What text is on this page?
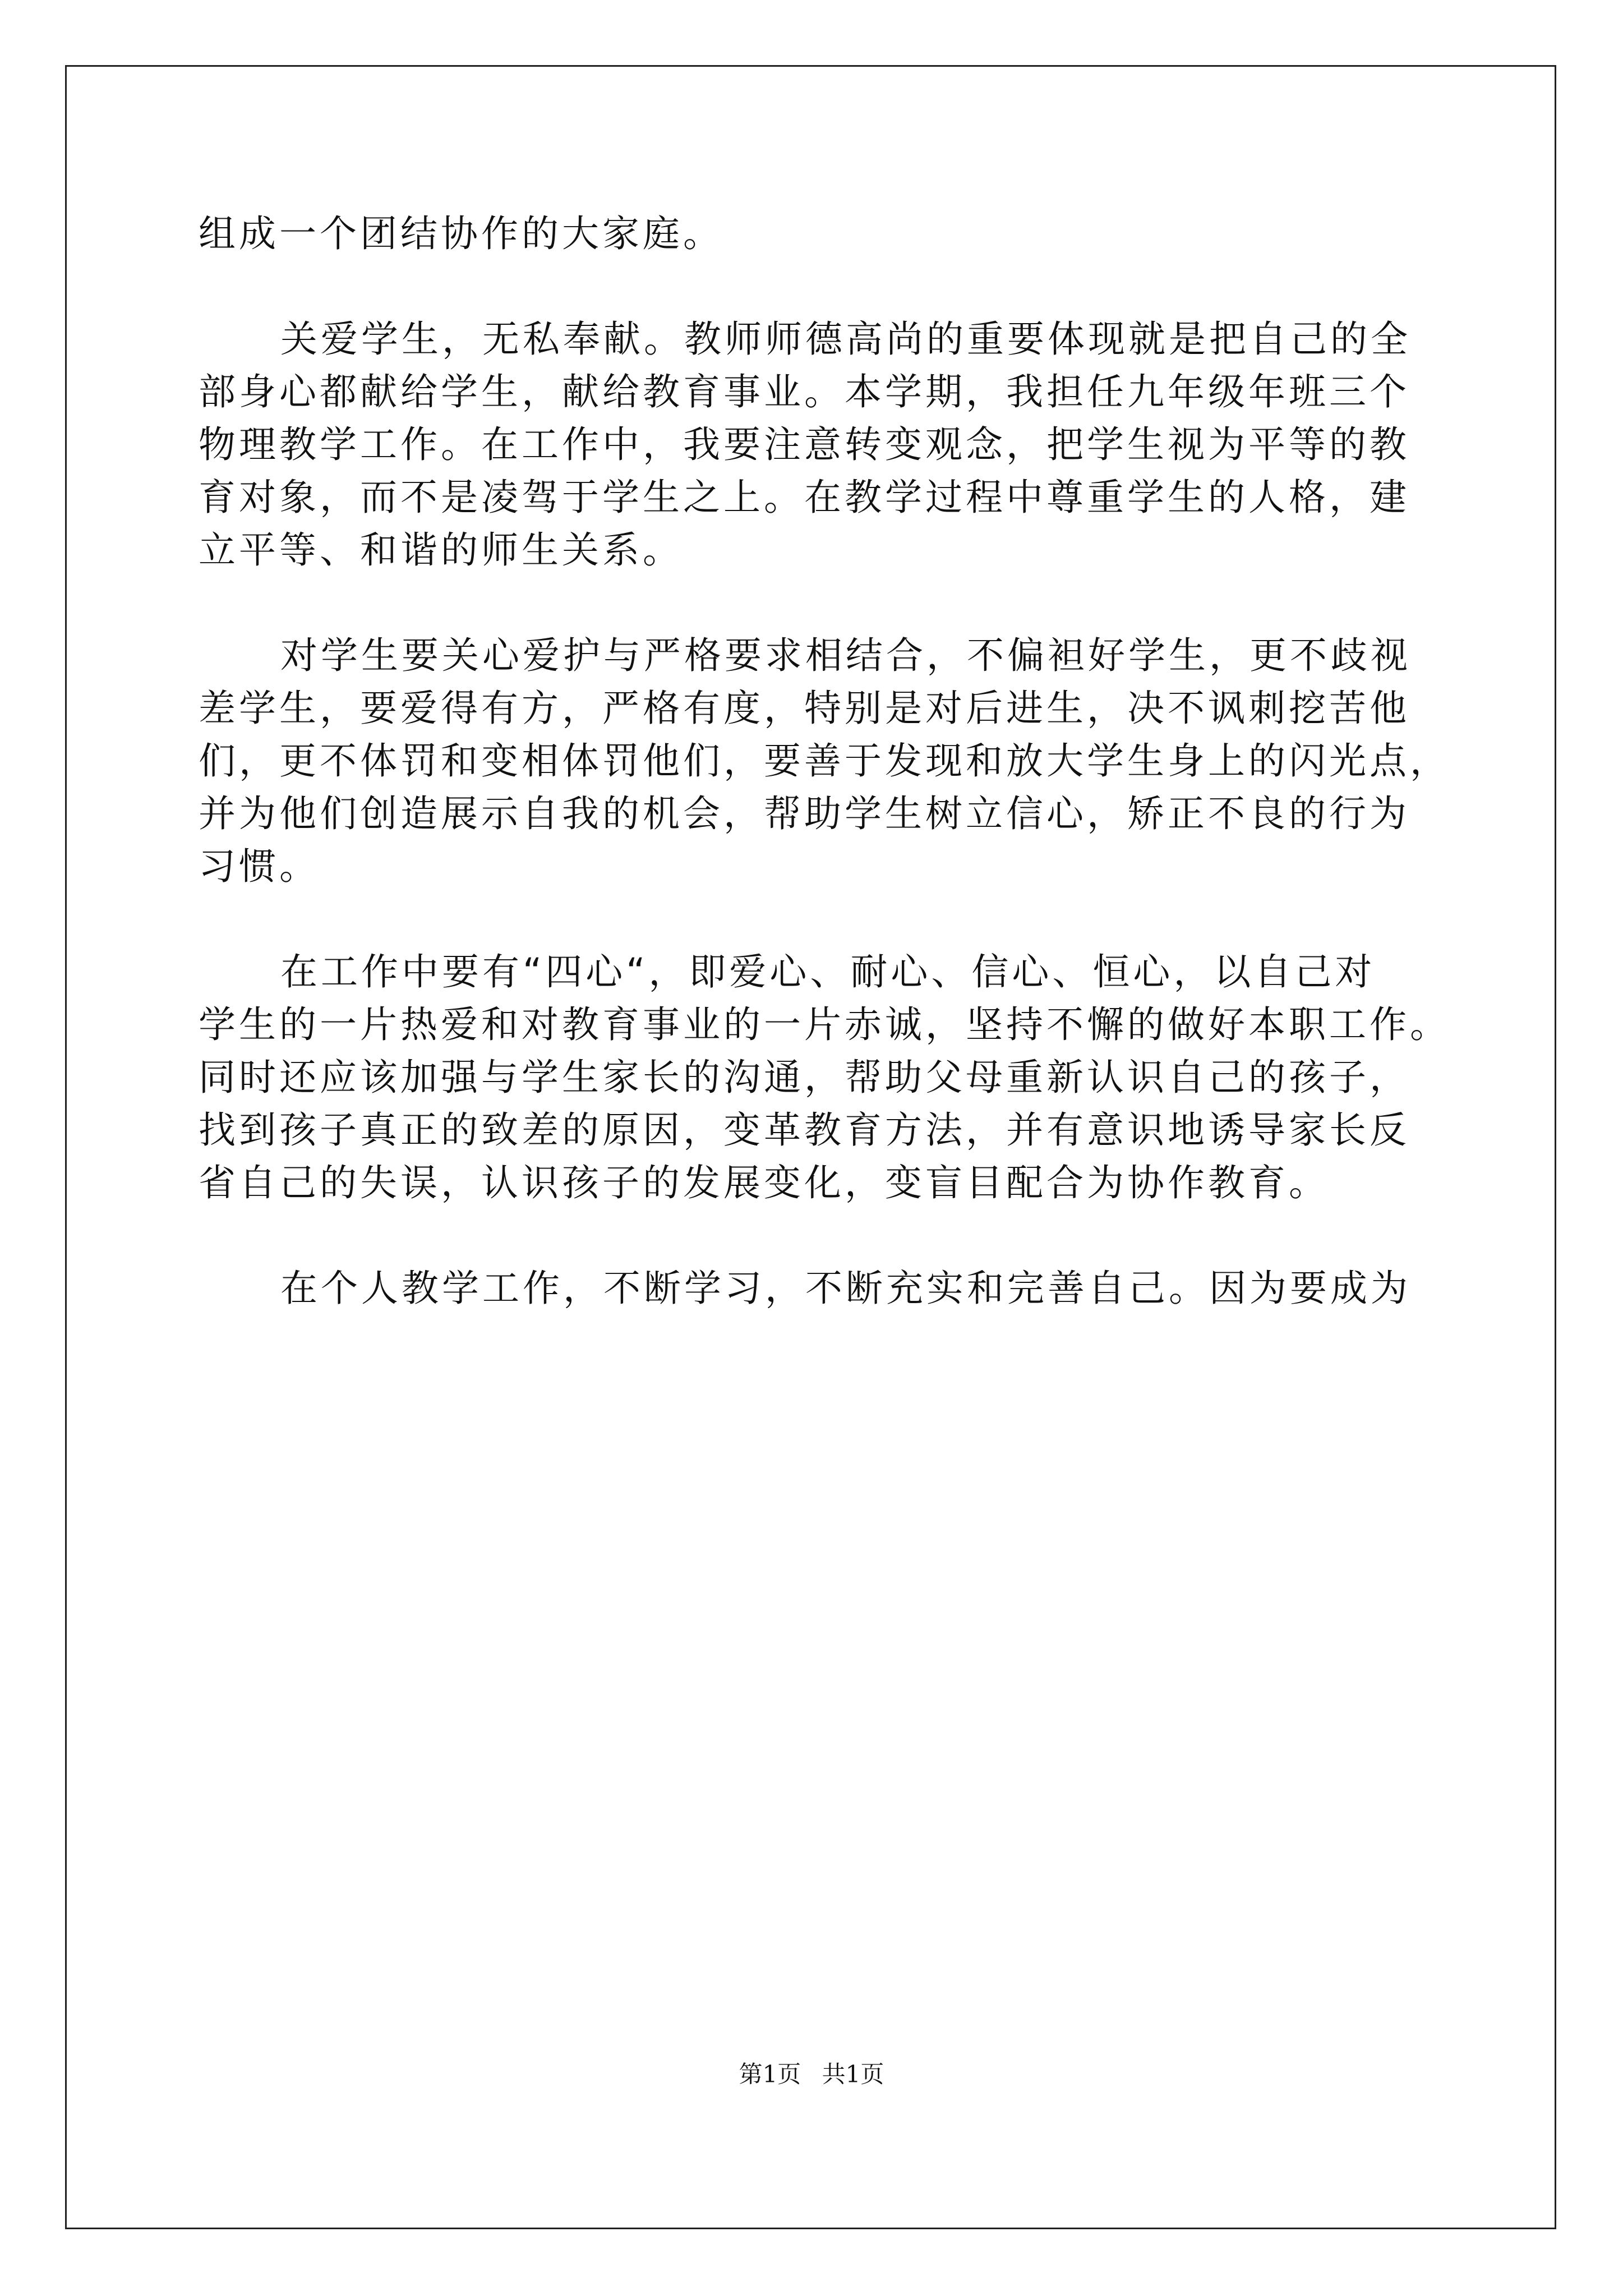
组成一个团结协作的大家庭。
关爱学生，无私奉献。教师师德高尚的重要体现就是把自己的全
部身心都献给学生，献给教育事业。本学期，我担任九年级年班三个
物理教学工作。在工作中，我要注意转变观念，把学生视为平等的教
育对象，而不是凌驾于学生之上。在教学过程中尊重学生的人格，建
立平等、和谐的师生关系。
对学生要关心爱护与严格要求相结合，不偏袒好学生，更不歧视
差学生，要爱得有方，严格有度，特别是对后进生，决不讽刺挖苦他
们，更不体罚和变相体罚他们，要善于发现和放大学生身上的闪光点，
并为他们创造展示自我的机会，帮助学生树立信心，矫正不良的行为
习惯。
在工作中要有“四心“，即爱心、耐心、信心、恒心，以自己对
学生的一片热爱和对教育事业的一片赤诚，坚持不懈的做好本职工作。
同时还应该加强与学生家长的沟通，帮助父母重新认识自己的孩子，
找到孩子真正的致差的原因，变革教育方法，并有意识地诱导家长反
省自己的失误，认识孩子的发展变化，变盲目配合为协作教育。
在个人教学工作，不断学习，不断充实和完善自己。因为要成为
第1页 共1页
